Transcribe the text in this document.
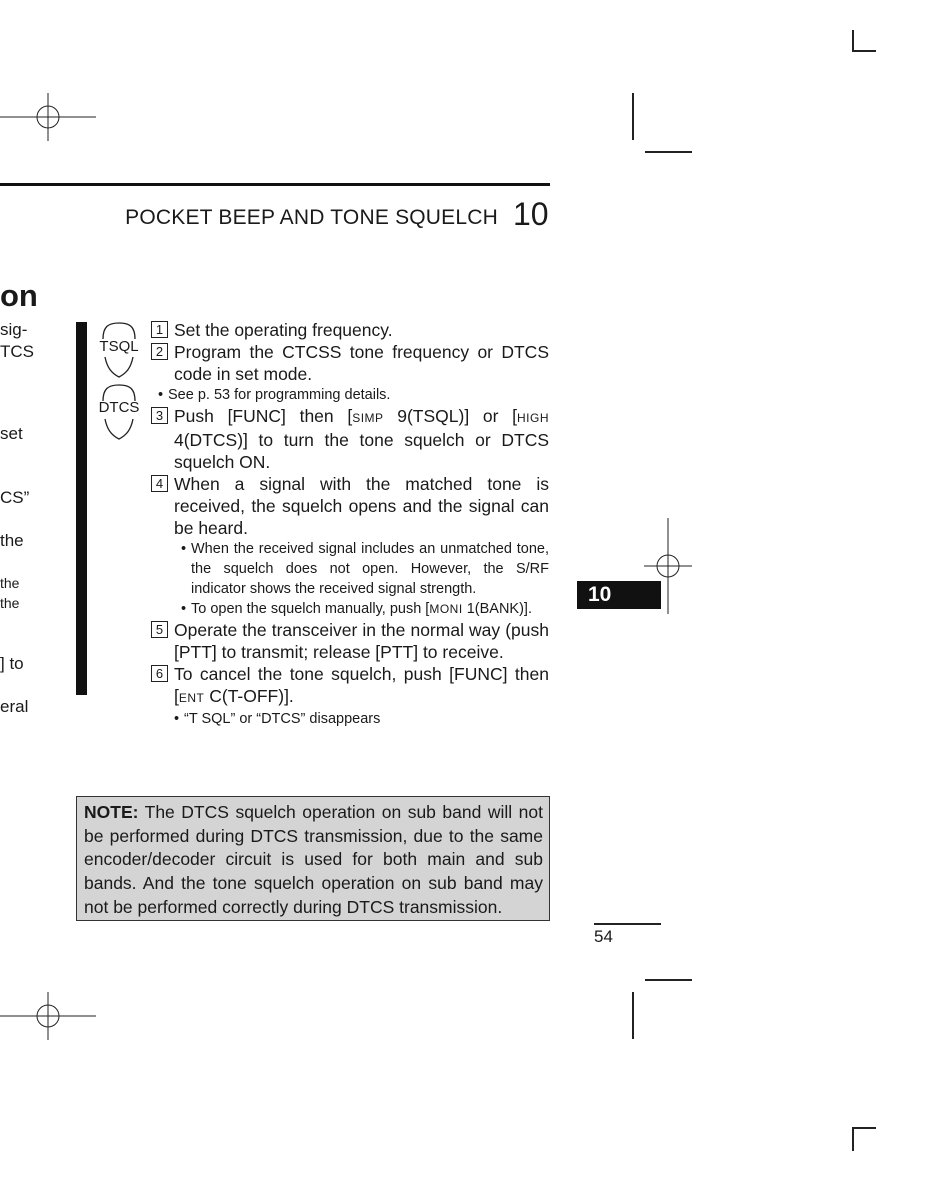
POCKET BEEP AND TONE SQUELCH 10
on
sig-
TCS
set
CS”
the
the
the
] to
eral
TSQL
DTCS
1 Set the operating frequency.
2 Program the CTCSS tone frequency or DTCS code in set mode.
• See p. 53 for programming details.
3 Push [FUNC] then [SIMP 9(TSQL)] or [HIGH 4(DTCS)] to turn the tone squelch or DTCS squelch ON.
4 When a signal with the matched tone is received, the squelch opens and the signal can be heard.
• When the received signal includes an unmatched tone, the squelch does not open. However, the S/RF indicator shows the received signal strength.
• To open the squelch manually, push [MONI 1(BANK)].
5 Operate the transceiver in the normal way (push [PTT] to transmit; release [PTT] to receive.
6 To cancel the tone squelch, push [FUNC] then [ENT C(T-OFF)].
• “T SQL” or “DTCS” disappears
NOTE: The DTCS squelch operation on sub band will not be performed during DTCS transmission, due to the same encoder/decoder circuit is used for both main and sub bands. And the tone squelch operation on sub band may not be performed correctly during DTCS transmission.
10
54
